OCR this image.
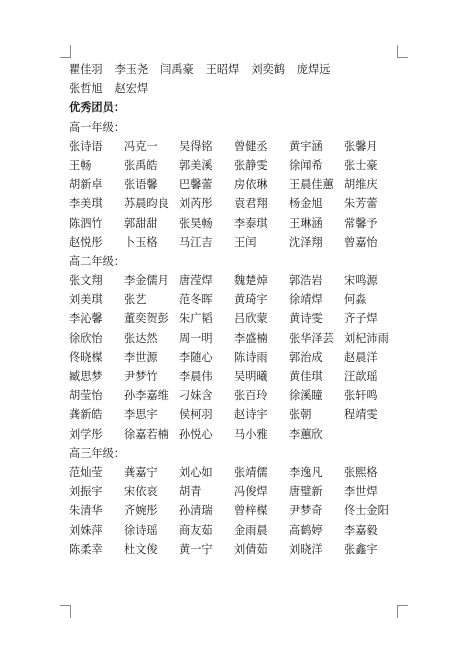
瞿佳羽 李玉尧 闫禹豪 王昭焊 刘奕鹤 庞焊远
张哲旭 赵宏焊
优秀团员：
高一年级：
张诗语	冯克一	吴得铭	曾健丞	黄宇涵	张馨月
王畅	张禹皓	郭美溪	张静雯	徐闻希	张士豪
胡新卓	张语馨	巴馨蕾	房依琳	王晨佳蕙 胡维庆
李美琪	苏晨昀良 刘芮彤	袁君翔	杨金旭	朱芳蕾
陈泗竹	郭甜甜	张昊畅	李泰琪	王琳涵	常馨予
赵悦彤	卜玉格	马江吉	王闰	沈泽翔	曾嘉怡
高二年级：
张文翔	李金儒月 唐滢焊	魏楚焯	郭浩岩	宋鸣源
刘美琪	张艺	范冬晖	黄琦宇	徐靖焊	何淼
李沁馨	董奕贺彭 朱广韬	吕欣蒙	黄诗雯	齐子焊
徐欣怡	张达然	周一明	李盛楠	张华泽芸 刘杞沛雨
佟晓楳	李世源	李随心	陈诗雨	郭治成	赵晨洋
臧思梦	尹梦竹	李晨伟	吴明曦	黄佳琪	汪歆瑶
胡莹怡	孙李嘉维 刁妹含	张百玲	徐溪瞳	张轩鸣
龚新皓	李思宇	侯柯羽	赵诗宇	张朝	程靖雯
刘学彤	徐嘉若楠 孙悦心	马小雅	李蕙欣
高三年级：
范灿莹	龚嘉宁	刘心如	张靖儒	李逸凡	张熙格
刘振宇	宋依哀	胡青	冯俊焊	唐璧新	李世焊
朱清华	齐婉彤	孙清瑞	曾梓楳	尹梦奇	佟士金阳
刘姝萍	徐诗瑶	商友茹	金雨晨	高鹤婷	李嘉毅
陈柔幸	杜文俊	黄一宁	刘倩茹	刘晓洋	张鑫宇
